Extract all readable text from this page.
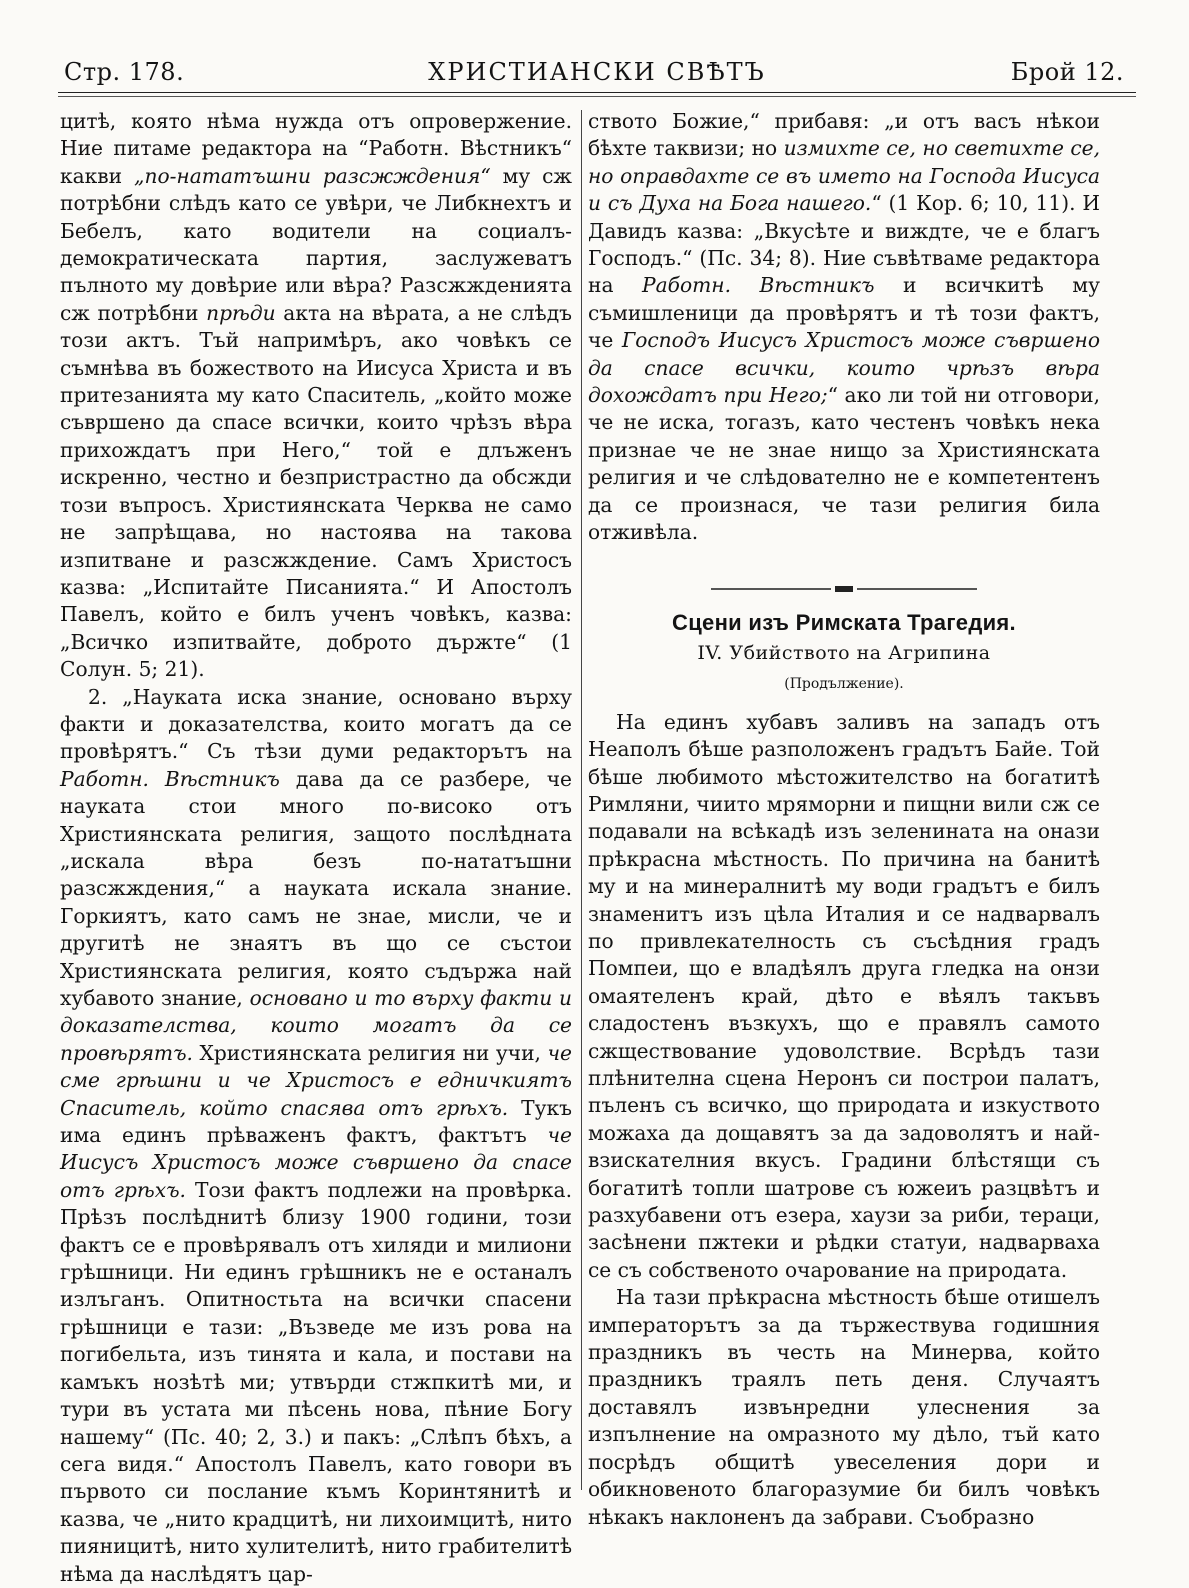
Стр. 178.	ХРИСТИАНСКИ СВѢТЪ	Брой 12.

цитѣ, която нѣма нужда отъ опровержение. Ние питаме редактора на “Работн. Вѣстникъ“ какви „по-нататъшни разсжждения“ му сж потрѣбни слѣдъ като се увѣри, че Либкнехтъ и Бебелъ, като водители на социалъ-демократическата партия, заслужеватъ пълното му довѣрие или вѣра? Разсжжденията сж потрѣбни прѣди акта на вѣрата, а не слѣдъ този актъ. Тъй напримѣръ, ако човѣкъ се съмнѣва въ божеството на Иисуса Христа и въ притезанията му като Спаситель, „който може съвршено да спасе всички, които чрѣзъ вѣра прихождатъ при Него,“ той е длъженъ искренно, честно и безпристрастно да обсжди този въпросъ. Християнската Черква не само не запрѣщава, но настоява на такова изпитване и разсжждение. Самъ Христосъ казва: „Испитайте Писанията.“ И Апостолъ Павелъ, който е билъ ученъ човѣкъ, казва: „Всичко изпитвайте, доброто държте“ (1 Солун. 5; 21).

2. „Науката иска знание, основано върху факти и доказателства, които могатъ да се провѣрятъ.“ Съ тѣзи думи редакторътъ на Работн. Вѣстникъ дава да се разбере, че науката стои много по-високо отъ Християнската религия, защото послѣдната „искала вѣра безъ по-нататъшни разсжждения,“ а науката искала знание. Горкиятъ, като самъ не знае, мисли, че и другитѣ не знаятъ въ що се състои Християнската религия, която съдържа най хубавото знание, основано и то върху факти и доказателства, които могатъ да се провѣрятъ. Християнската религия ни учи, че сме грѣшни и че Христосъ е едничкиятъ Спаситель, който спасява отъ грѣхъ. Тукъ има единъ прѣваженъ фактъ, фактътъ че Иисусъ Христосъ може съвршено да спасе отъ грѣхъ. Този фактъ подлежи на провѣрка. Прѣзъ послѣднитѣ близу 1900 години, този фактъ се е провѣрявалъ отъ хиляди и милиони грѣшници. Ни единъ грѣшникъ не е останалъ излъганъ. Опитностьта на всички спасени грѣшници е тази: „Възведе ме изъ рова на погибельта, изъ тинята и кала, и постави на камъкъ нозѣтѣ ми; утвърди стжпкитѣ ми, и тури въ устата ми пѣсень нова, пѣние Богу нашему“ (Пс. 40; 2, 3.) и пакъ: „Слѣпъ бѣхъ, а сега видя.“ Апостолъ Павелъ, като говори въ първото си послание къмъ Коринтянитѣ и казва, че „нито крадцитѣ, ни лихоимцитѣ, нито пияницитѣ, нито хулителитѣ, нито грабителитѣ нѣма да наслѣдятъ цар-

ството Божие,“ прибавя: „и отъ васъ нѣкои бѣхте таквизи; но измихте се, но светихте се, но оправдахте се въ името на Господа Иисуса и съ Духа на Бога нашего.“ (1 Кор. 6; 10, 11). И Давидъ казва: „Вкусѣте и виждте, че е благъ Господъ.“ (Пс. 34; 8). Ние съвѣтваме редактора на Работн. Вѣстникъ и всичкитѣ му съмишленици да провѣрятъ и тѣ този фактъ, че Господъ Иисусъ Христосъ може съвршено да спасе всички, които чрѣзъ вѣра дохождатъ при Него;“ ако ли той ни отговори, че не иска, тогазъ, като честенъ човѣкъ нека признае че не знае нищо за Християнската религия и че слѣдователно не е компетентенъ да се произнася, че тази религия била отживѣла.

Сцени изъ Римската Трагедия.
IV. Убийството на Агрипина
(Продължение).

На единъ хубавъ заливъ на западъ отъ Неаполъ бѣше разположенъ градътъ Байе. Той бѣше любимото мѣстожителство на богатитѣ Римляни, чиито мряморни и пищни вили сж се подавали на всѣкадѣ изъ зеленината на онази прѣкрасна мѣстность. По причина на банитѣ му и на минералнитѣ му води градътъ е билъ знаменитъ изъ цѣла Италия и се надварвалъ по привлекателность съ съсѣдния градъ Помпеи, що е владѣялъ друга гледка на онзи омаятеленъ край, дѣто е вѣялъ такъвъ сладостенъ възкухъ, що е правялъ самото сжществование удоволствие. Всрѣдъ тази плѣнителна сцена Неронъ си построи палатъ, пъленъ съ всичко, що природата и изкуството можаха да дощавятъ за да задоволятъ и най-взискателния вкусъ. Градини блѣстящи съ богатитѣ топли шатрове съ южеиъ разцвѣтъ и разхубавени отъ езера, хаузи за риби, тераци, засѣнени пжтеки и рѣдки статуи, надварваха се съ собственото очарование на природата.

На тази прѣкрасна мѣстность бѣше отишелъ императорътъ за да тържествува годишния праздникъ въ честь на Минерва, който праздникъ траялъ петь деня. Случаятъ доставялъ извънредни улеснения за изпълнение на омразното му дѣло, тъй като посрѣдъ общитѣ увеселения дори и обикновеното благоразумие би билъ човѣкъ нѣкакъ наклоненъ да забрави. Съобразно
